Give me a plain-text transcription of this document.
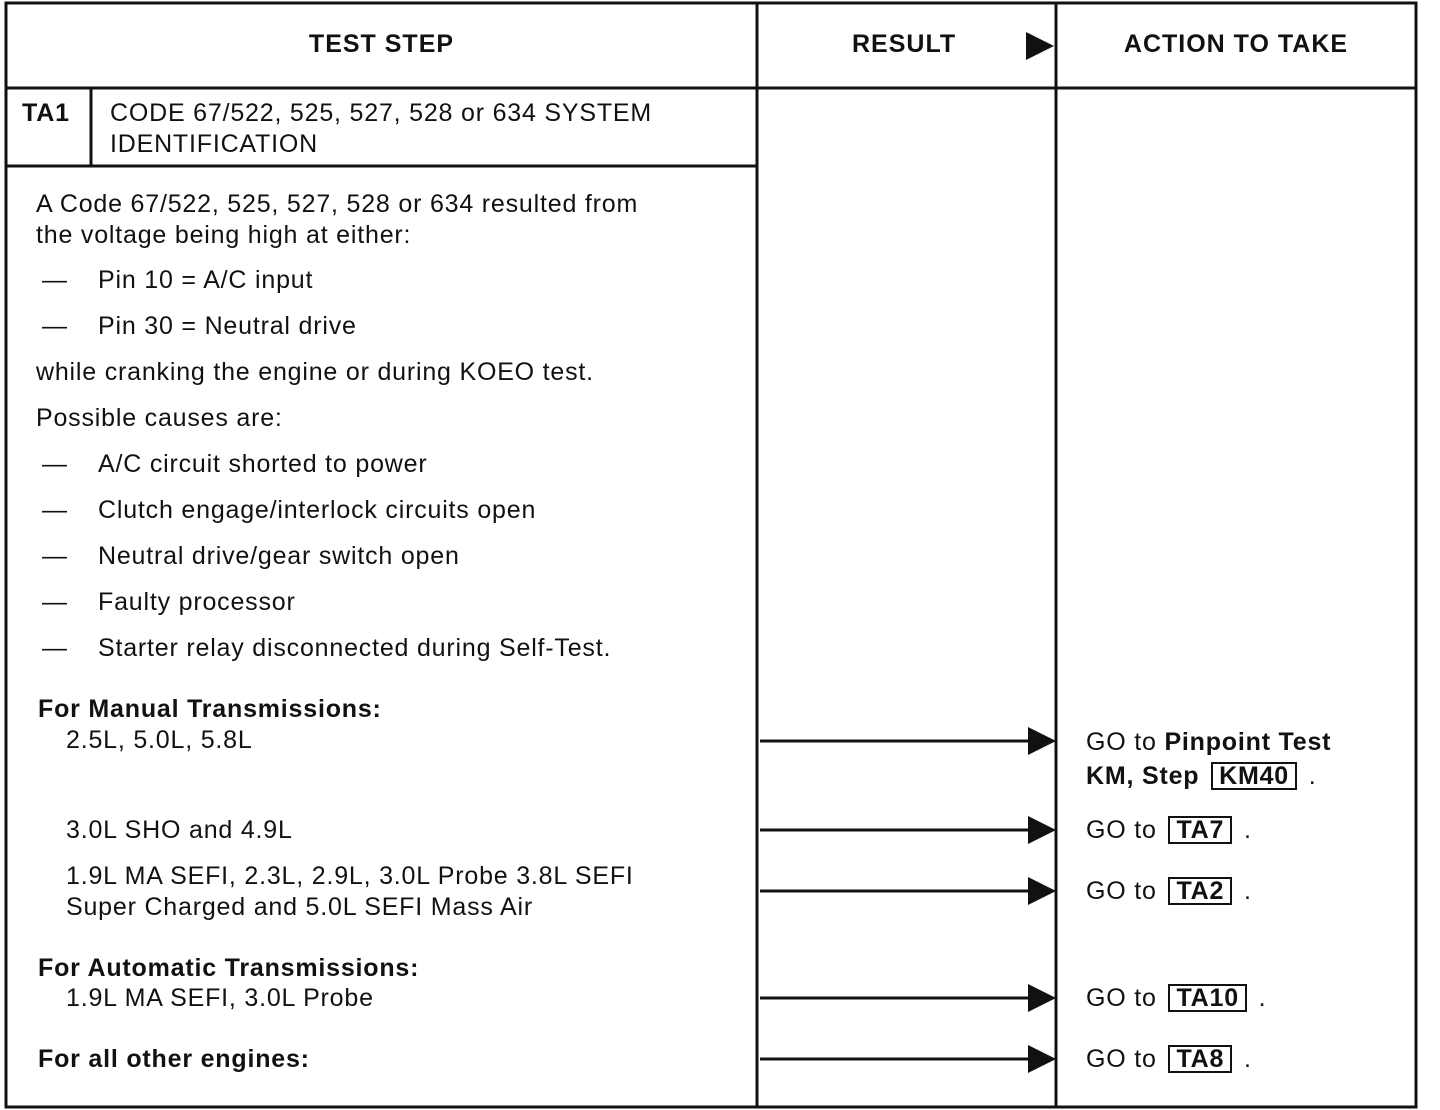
TEST STEP	RESULT	ACTION TO TAKE
TA1 CODE 67/522, 525, 527, 528 or 634 SYSTEM
IDENTIFICATION
A Code 67/522, 525, 527, 528 or 634 resulted from
the voltage being high at either:
— Pin 10 = A/C input
— Pin 30 = Neutral drive
while cranking the engine or during KOEO test.
Possible causes are:
— A/C circuit shorted to power
— Clutch engage/interlock circuits open
— Neutral drive/gear switch open
— Faulty processor
— Starter relay disconnected during Self-Test.
For Manual Transmissions:
2.5L, 5.0L, 5.8L
3.0L SHO and 4.9L
1.9L MA SEFI, 2.3L, 2.9L, 3.0L Probe 3.8L SEFI
Super Charged and 5.0L SEFI Mass Air
For Automatic Transmissions:
1.9L MA SEFI, 3.0L Probe
For all other engines:
GO to Pinpoint Test
KM, Step KM40 .
GO to TA7 .
GO to TA2 .
GO to TA10 .
GO to TA8 .
